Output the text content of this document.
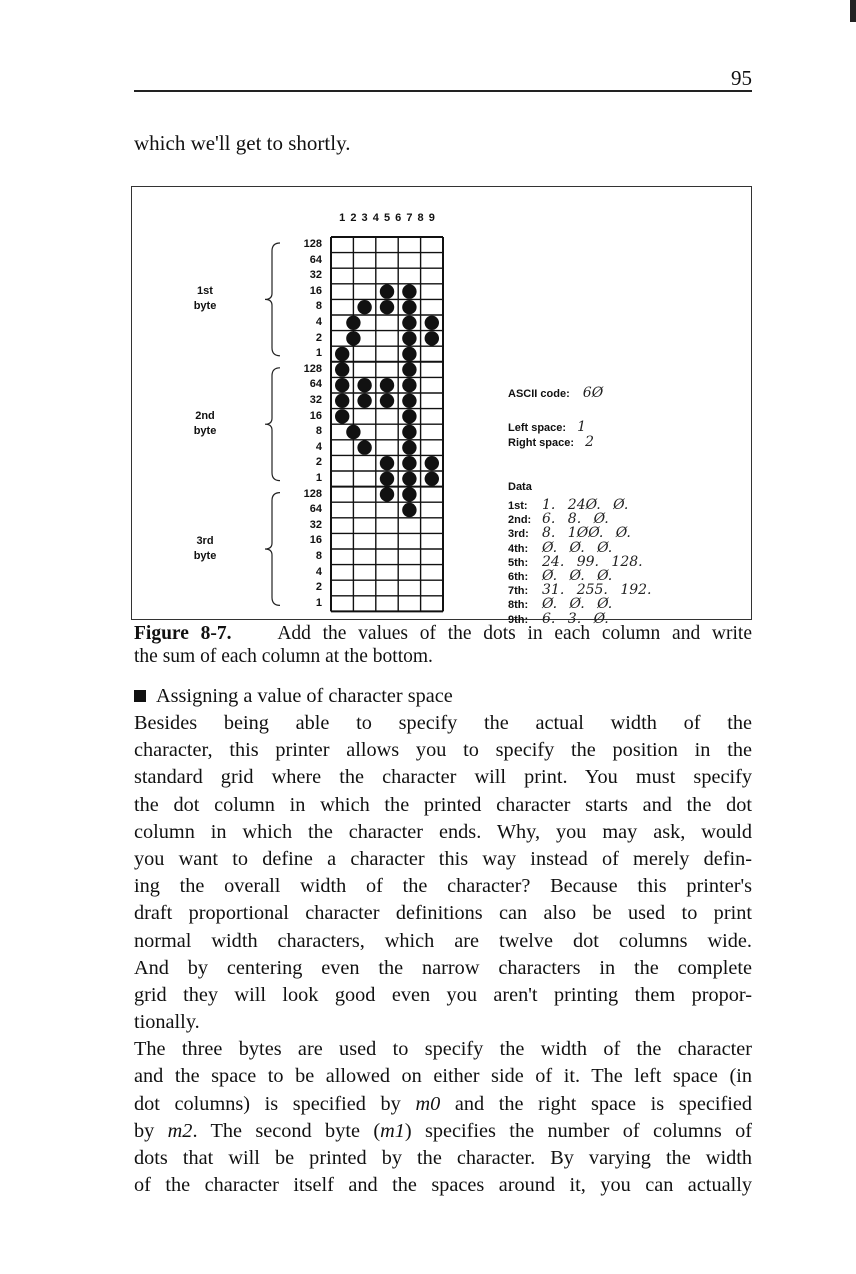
95
which we'll get to shortly.
1 2 3 4 5 6 7 8 9
128
64
32
16
8
4
2
1
1st
byte
128
64
32
16
8
4
2
1
2nd
byte
128
64
32
16
8
4
2
1
3rd
byte
ASCII code: 6Ø
Left space: 1
Right space: 2
Data
1st: 1. 24Ø. Ø.
2nd: 6. 8. Ø.
3rd: 8. 1ØØ. Ø.
4th: Ø. Ø. Ø.
5th: 24. 99. 128.
6th: Ø. Ø. Ø.
7th: 31. 255. 192.
8th: Ø. Ø. Ø.
9th: 6. 3. Ø.
Figure 8-7. Add the values of the dots in each column and write
the sum of each column at the bottom.
Assigning a value of character space
Besides being able to specify the actual width of the
character, this printer allows you to specify the position in the
standard grid where the character will print. You must specify
the dot column in which the printed character starts and the dot
column in which the character ends. Why, you may ask, would
you want to define a character this way instead of merely defin-
ing the overall width of the character? Because this printer's
draft proportional character definitions can also be used to print
normal width characters, which are twelve dot columns wide.
And by centering even the narrow characters in the complete
grid they will look good even you aren't printing them propor-
tionally.
The three bytes are used to specify the width of the character
and the space to be allowed on either side of it. The left space (in
dot columns) is specified by m0 and the right space is specified
by m2. The second byte (m1) specifies the number of columns of
dots that will be printed by the character. By varying the width
of the character itself and the spaces around it, you can actually
